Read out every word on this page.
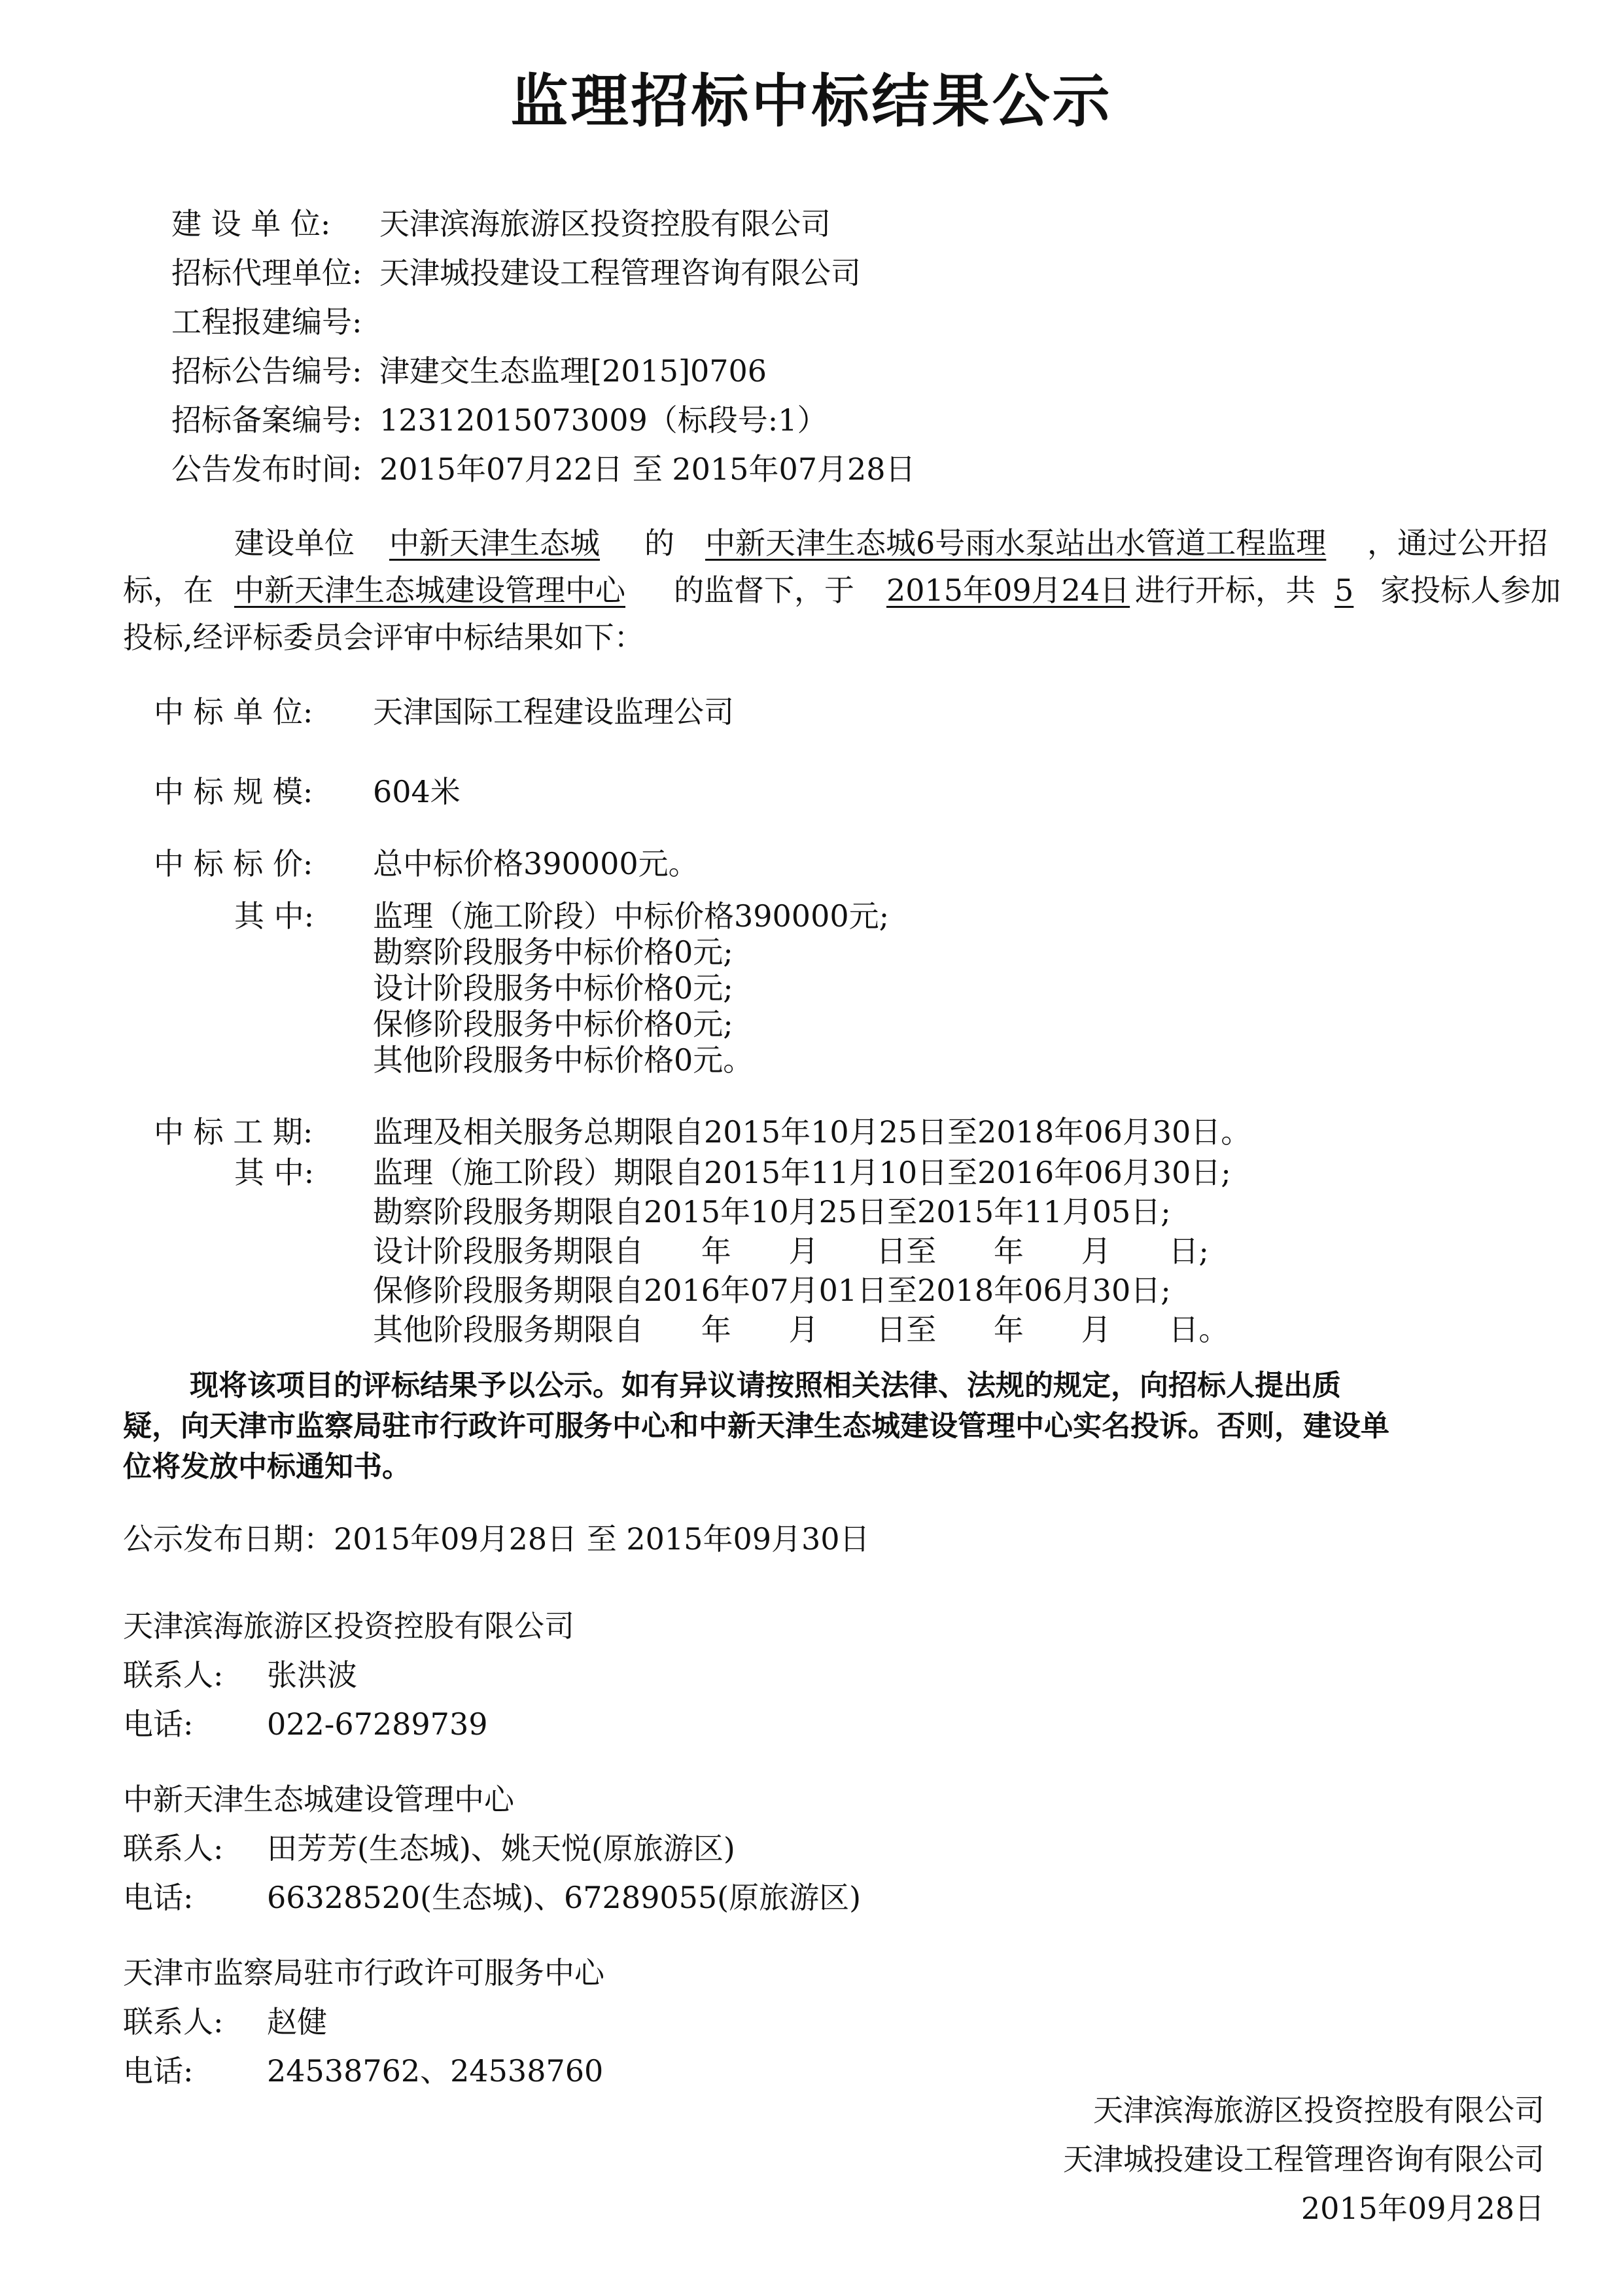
监理招标中标结果公示
建 设 单 位: 天津滨海旅游区投资控股有限公司
招标代理单位: 天津城投建设工程管理咨询有限公司
工程报建编号:
招标公告编号: 津建交生态监理[2015]0706
招标备案编号: 12312015073009（标段号:1）
公告发布时间: 2015年07月22日 至 2015年07月28日
建设单位 中新天津生态城 的 中新天津生态城6号雨水泵站出水管道工程监理 ，通过公开招
标，在 中新天津生态城建设管理中心 的监督下，于 2015年09月24日 进行开标，共 5 家投标人参加
投标,经评标委员会评审中标结果如下：
中 标 单 位: 天津国际工程建设监理公司
中 标 规 模: 604米
中 标 标 价: 总中标价格390000元。
其 中: 监理（施工阶段）中标价格390000元;
勘察阶段服务中标价格0元;
设计阶段服务中标价格0元;
保修阶段服务中标价格0元;
其他阶段服务中标价格0元。
中 标 工 期: 监理及相关服务总期限自2015年10月25日至2018年06月30日。
其 中: 监理（施工阶段）期限自2015年11月10日至2016年06月30日;
勘察阶段服务期限自2015年10月25日至2015年11月05日;
设计阶段服务期限自      年      月      日至      年      月      日;
保修阶段服务期限自2016年07月01日至2018年06月30日;
其他阶段服务期限自      年      月      日至      年      月      日。
现将该项目的评标结果予以公示。如有异议请按照相关法律、法规的规定，向招标人提出质
疑，向天津市监察局驻市行政许可服务中心和中新天津生态城建设管理中心实名投诉。否则，建设单
位将发放中标通知书。
公示发布日期：2015年09月28日 至 2015年09月30日
天津滨海旅游区投资控股有限公司
联系人: 张洪波
电话: 022-67289739
中新天津生态城建设管理中心
联系人: 田芳芳(生态城)、姚天悦(原旅游区)
电话: 66328520(生态城)、67289055(原旅游区)
天津市监察局驻市行政许可服务中心
联系人: 赵健
电话: 24538762、24538760
天津滨海旅游区投资控股有限公司
天津城投建设工程管理咨询有限公司
2015年09月28日
